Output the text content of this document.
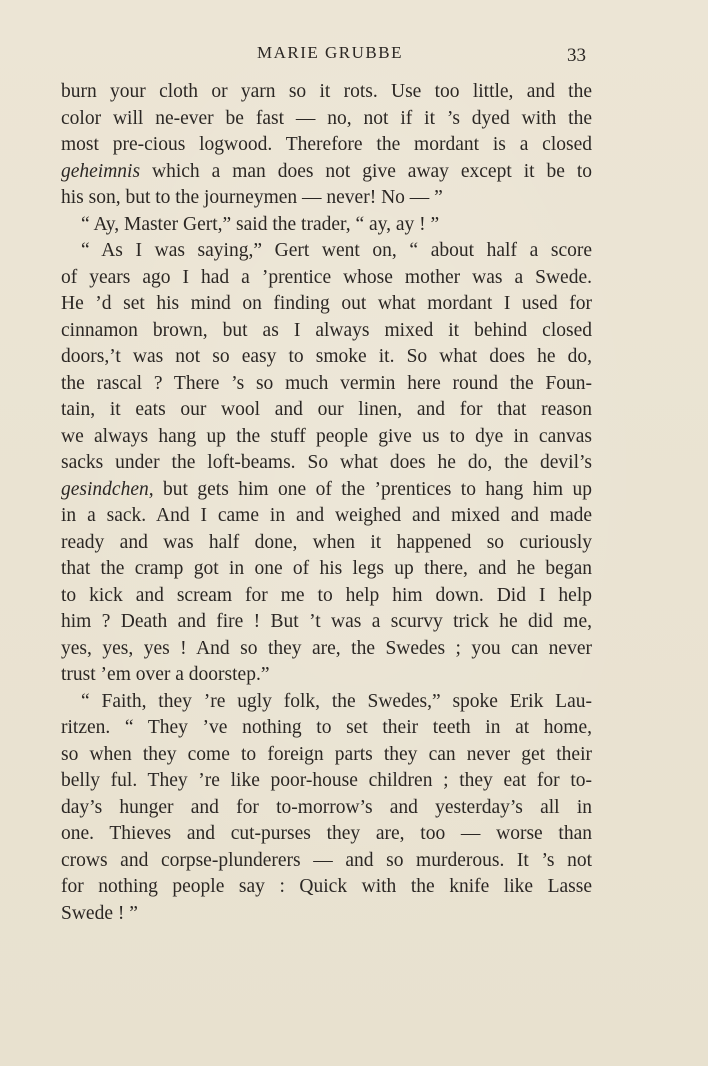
MARIE GRUBBE	33
burn your cloth or yarn so it rots. Use too little, and the
color will ne-ever be fast — no, not if it ’s dyed with the
most pre-cious logwood. Therefore the mordant is a closed
geheimnis which a man does not give away except it be to
his son, but to the journeymen — never! No — ”
“ Ay, Master Gert,” said the trader, “ ay, ay ! ”
“ As I was saying,” Gert went on, “ about half a score
of years ago I had a ’prentice whose mother was a Swede.
He ’d set his mind on finding out what mordant I used for
cinnamon brown, but as I always mixed it behind closed
doors,’t was not so easy to smoke it. So what does he do,
the rascal ? There ’s so much vermin here round the Foun-
tain, it eats our wool and our linen, and for that reason
we always hang up the stuff people give us to dye in canvas
sacks under the loft-beams. So what does he do, the devil’s
gesindchen, but gets him one of the ’prentices to hang him up
in a sack. And I came in and weighed and mixed and made
ready and was half done, when it happened so curiously
that the cramp got in one of his legs up there, and he began
to kick and scream for me to help him down. Did I help
him ? Death and fire ! But ’t was a scurvy trick he did me,
yes, yes, yes ! And so they are, the Swedes ; you can never
trust ’em over a doorstep.”
“ Faith, they ’re ugly folk, the Swedes,” spoke Erik Lau-
ritzen. “ They ’ve nothing to set their teeth in at home,
so when they come to foreign parts they can never get their
belly ful. They ’re like poor-house children ; they eat for to-
day’s hunger and for to-morrow’s and yesterday’s all in
one. Thieves and cut-purses they are, too — worse than
crows and corpse-plunderers — and so murderous. It ’s not
for nothing people say : Quick with the knife like Lasse
Swede ! ”
